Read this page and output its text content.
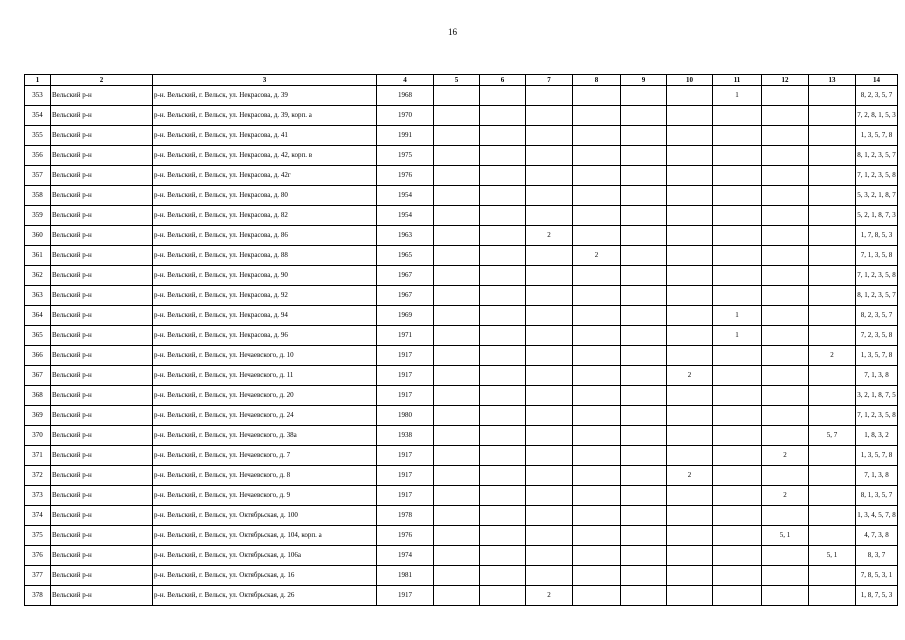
16
1	2	3	4	5	6	7	8	9	10	11	12	13	14
353	Вельский р-н	р-н. Вельский, г. Вельск, ул. Некрасова, д. 39	1968							1			8, 2, 3, 5, 7
354	Вельский р-н	р-н. Вельский, г. Вельск, ул. Некрасова, д. 39, корп. а	1970										7, 2, 8, 1, 5, 3
355	Вельский р-н	р-н. Вельский, г. Вельск, ул. Некрасова, д. 41	1991										1, 3, 5, 7, 8
356	Вельский р-н	р-н. Вельский, г. Вельск, ул. Некрасова, д. 42, корп. в	1975										8, 1, 2, 3, 5, 7
357	Вельский р-н	р-н. Вельский, г. Вельск, ул. Некрасова, д. 42г	1976										7, 1, 2, 3, 5, 8
358	Вельский р-н	р-н. Вельский, г. Вельск, ул. Некрасова, д. 80	1954										5, 3, 2, 1, 8, 7
359	Вельский р-н	р-н. Вельский, г. Вельск, ул. Некрасова, д. 82	1954										5, 2, 1, 8, 7, 3
360	Вельский р-н	р-н. Вельский, г. Вельск, ул. Некрасова, д. 86	1963			2							1, 7, 8, 5, 3
361	Вельский р-н	р-н. Вельский, г. Вельск, ул. Некрасова, д. 88	1965				2						7, 1, 3, 5, 8
362	Вельский р-н	р-н. Вельский, г. Вельск, ул. Некрасова, д. 90	1967										7, 1, 2, 3, 5, 8
363	Вельский р-н	р-н. Вельский, г. Вельск, ул. Некрасова, д. 92	1967										8, 1, 2, 3, 5, 7
364	Вельский р-н	р-н. Вельский, г. Вельск, ул. Некрасова, д. 94	1969							1			8, 2, 3, 5, 7
365	Вельский р-н	р-н. Вельский, г. Вельск, ул. Некрасова, д. 96	1971							1			7, 2, 3, 5, 8
366	Вельский р-н	р-н. Вельский, г. Вельск, ул. Нечаевского, д. 10	1917									2	1, 3, 5, 7, 8
367	Вельский р-н	р-н. Вельский, г. Вельск, ул. Нечаевского, д. 11	1917						2				7, 1, 3, 8
368	Вельский р-н	р-н. Вельский, г. Вельск, ул. Нечаевского, д. 20	1917										3, 2, 1, 8, 7, 5
369	Вельский р-н	р-н. Вельский, г. Вельск, ул. Нечаевского, д. 24	1980										7, 1, 2, 3, 5, 8
370	Вельский р-н	р-н. Вельский, г. Вельск, ул. Нечаевского, д. 38а	1938									5, 7	1, 8, 3, 2
371	Вельский р-н	р-н. Вельский, г. Вельск, ул. Нечаевского, д. 7	1917								2		1, 3, 5, 7, 8
372	Вельский р-н	р-н. Вельский, г. Вельск, ул. Нечаевского, д. 8	1917						2				7, 1, 3, 8
373	Вельский р-н	р-н. Вельский, г. Вельск, ул. Нечаевского, д. 9	1917								2		8, 1, 3, 5, 7
374	Вельский р-н	р-н. Вельский, г. Вельск, ул. Октябрьская, д. 100	1978										1, 3, 4, 5, 7, 8
375	Вельский р-н	р-н. Вельский, г. Вельск, ул. Октябрьская, д. 104, корп. а	1976								5, 1		4, 7, 3, 8
376	Вельский р-н	р-н. Вельский, г. Вельск, ул. Октябрьская, д. 106а	1974									5, 1	8, 3, 7
377	Вельский р-н	р-н. Вельский, г. Вельск, ул. Октябрьская, д. 16	1981										7, 8, 5, 3, 1
378	Вельский р-н	р-н. Вельский, г. Вельск, ул. Октябрьская, д. 26	1917			2							1, 8, 7, 5, 3
